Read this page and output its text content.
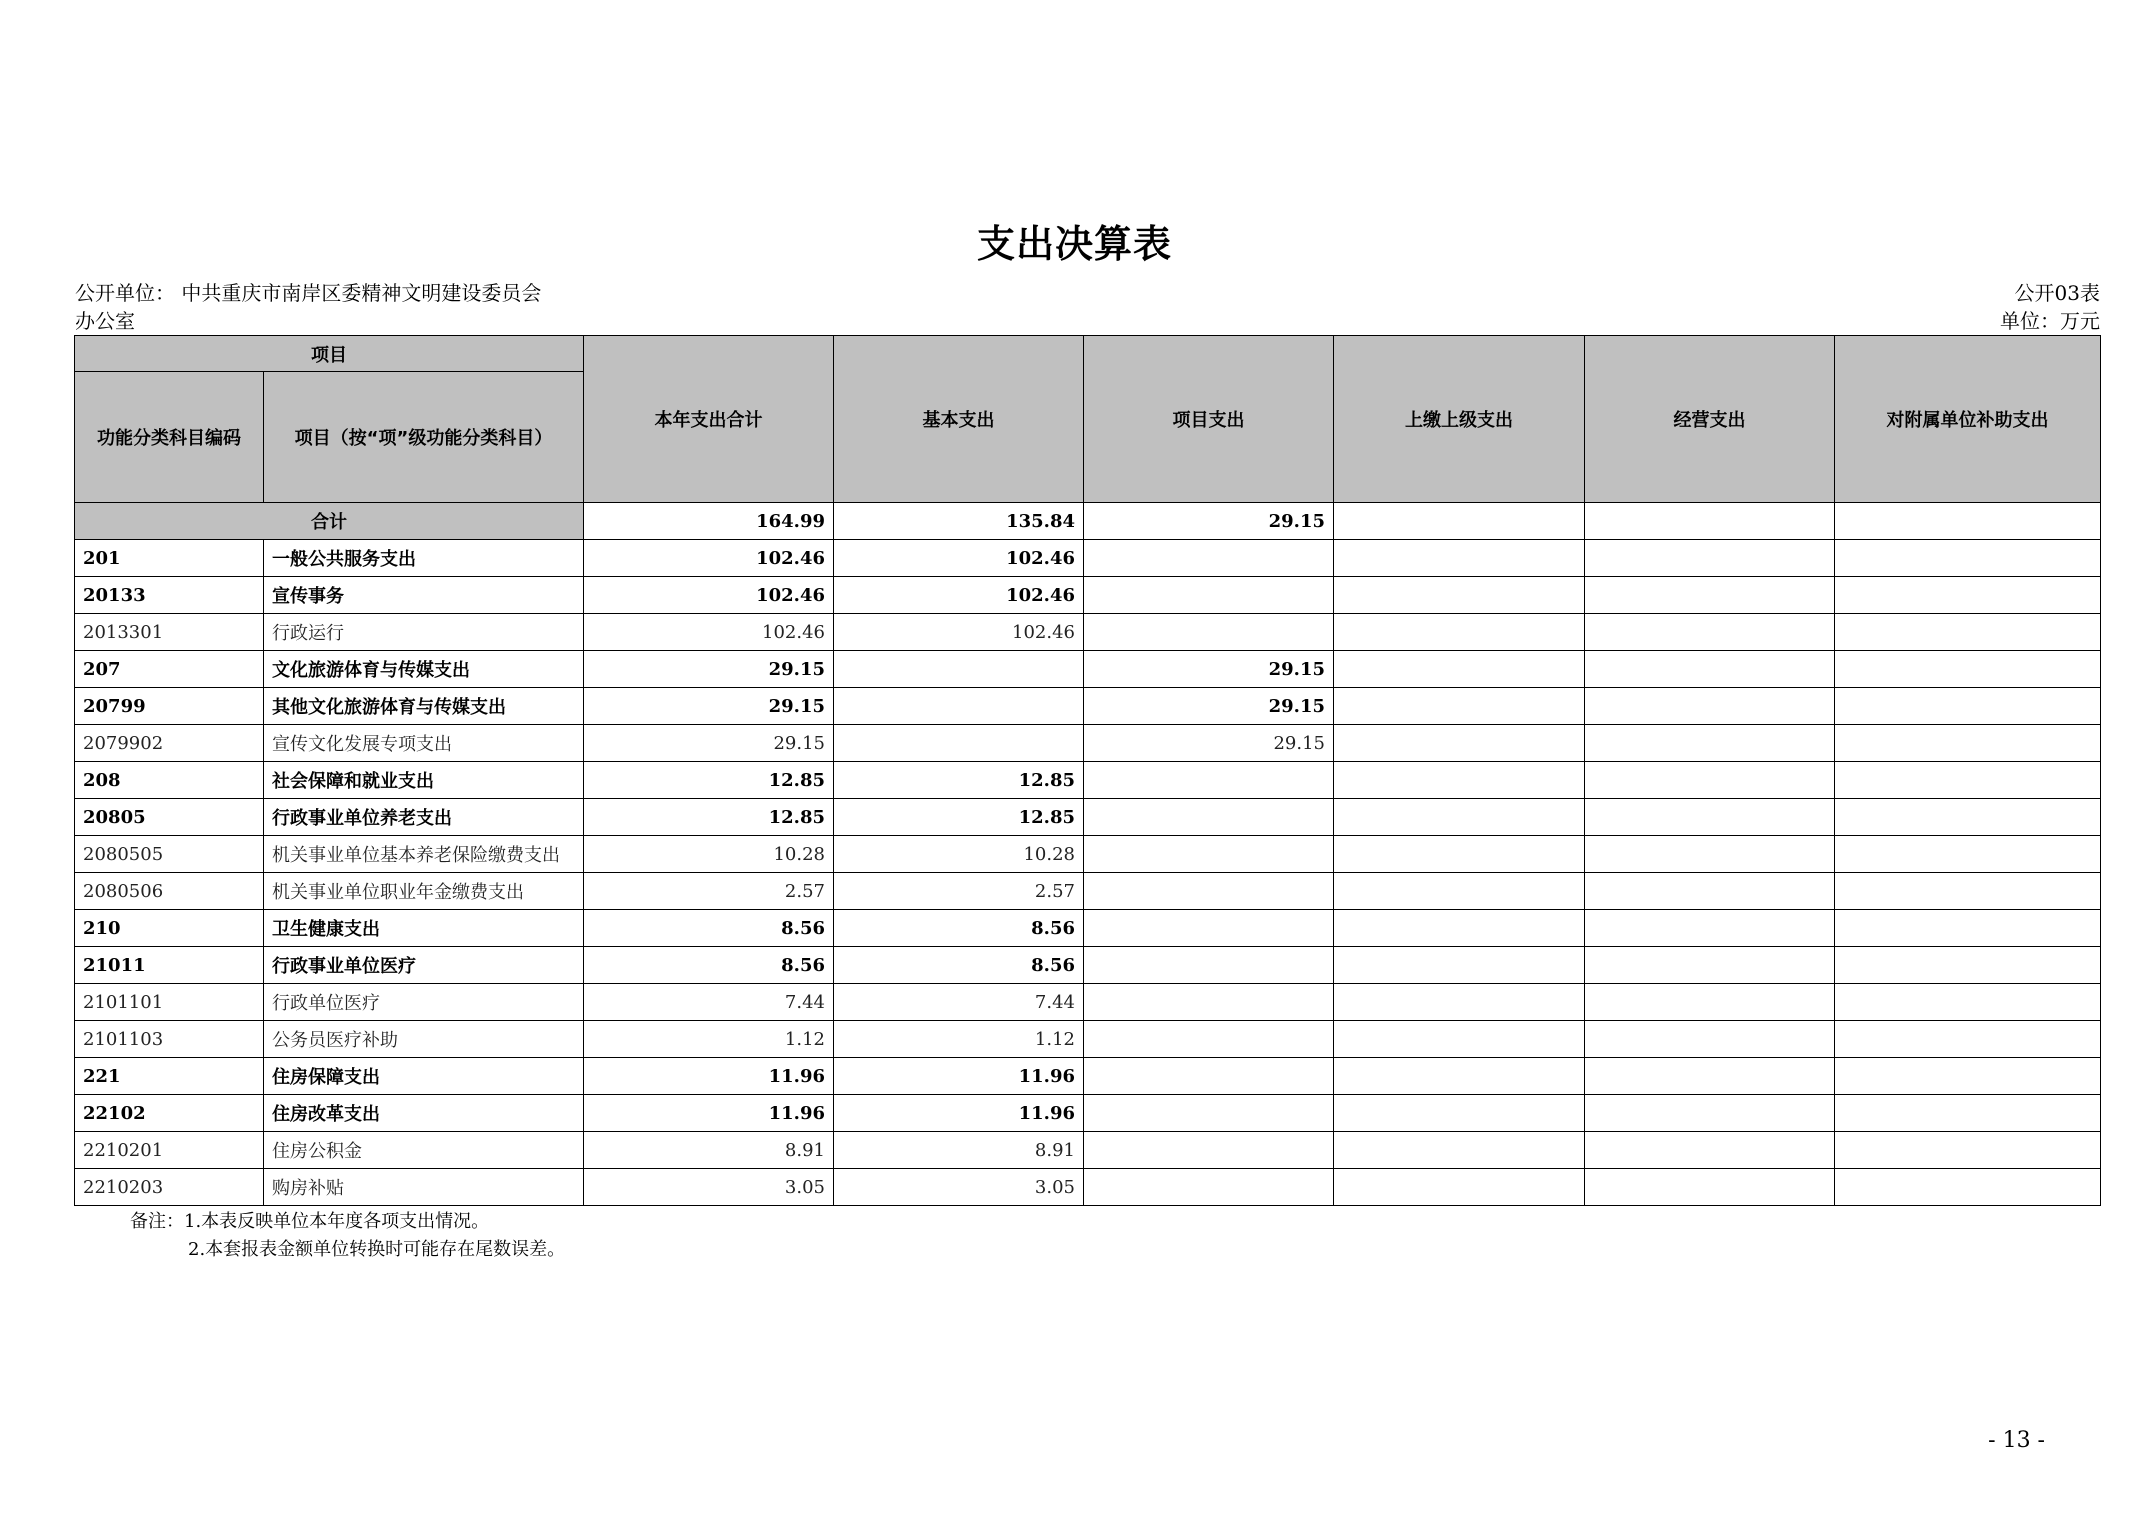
支出决算表
公开单位： 中共重庆市南岸区委精神文明建设委员会
办公室
公开03表
单位：万元
项目		本年支出合计	基本支出	项目支出	上缴上级支出	经营支出	对附属单位补助支出
功能分类科目编码	项目（按“项”级功能分类科目）						
合计		164.99	135.84	29.15			
201	一般公共服务支出	102.46	102.46				
20133	宣传事务	102.46	102.46				
2013301	行政运行	102.46	102.46				
207	文化旅游体育与传媒支出	29.15		29.15			
20799	其他文化旅游体育与传媒支出	29.15		29.15			
2079902	宣传文化发展专项支出	29.15		29.15			
208	社会保障和就业支出	12.85	12.85				
20805	行政事业单位养老支出	12.85	12.85				
2080505	机关事业单位基本养老保险缴费支出	10.28	10.28				
2080506	机关事业单位职业年金缴费支出	2.57	2.57				
210	卫生健康支出	8.56	8.56				
21011	行政事业单位医疗	8.56	8.56				
2101101	行政单位医疗	7.44	7.44				
2101103	公务员医疗补助	1.12	1.12				
221	住房保障支出	11.96	11.96				
22102	住房改革支出	11.96	11.96				
2210201	住房公积金	8.91	8.91				
2210203	购房补贴	3.05	3.05				
备注：1.本表反映单位本年度各项支出情况。
2.本套报表金额单位转换时可能存在尾数误差。
- 13 -
